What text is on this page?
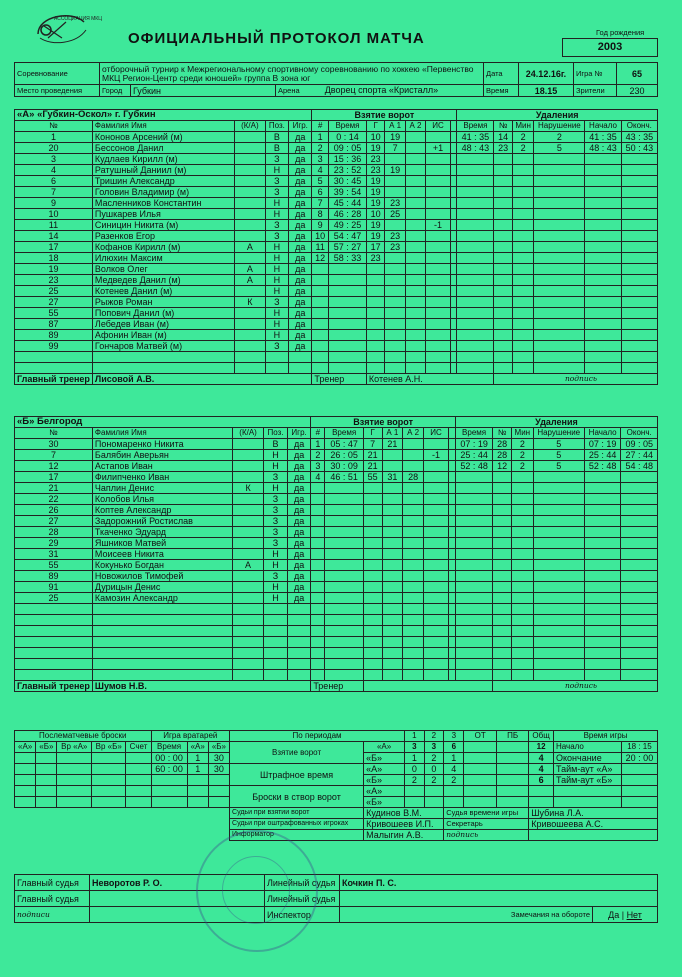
АССОЦИАЦИЯ МКЦ
ОФИЦИАЛЬНЫЙ ПРОТОКОЛ МАТЧА	Год рождения
2003
Соревнование	отборочный турнир к Межрегиональному спортивному соревнованию по хоккею «Первенство МКЦ Регион-Центр среди юношей» группа В зона юг			Дата	24.12.16г.	Игра №	65
Место проведения	Город	Губкин	Арена Дворец спорта «Кристалл»	Время	18.15	Зрители	230
«А» «Губкин-Оскол» г. Губкин					Взятие ворот							Удаления					
№	Фамилия Имя	(К/А)	Поз.	Игр.	#	Время	Г	А 1	А 2	ИС		Время	№	Мин	Нарушение	Начало	Оконч.
1	Кононов Арсений (м)		В	да	1	0 : 14	10	19				41 : 35	14	2	2	41 : 35	43 : 35
20	Бессонов Данил		В	да	2	09 : 05	19	7		+1		48 : 43	23	2	5	48 : 43	50 : 43
3	Кудлаев Кирилл (м)		З	да	3	15 : 36	23										
4	Ратушный Даниил (м)		Н	да	4	23 : 52	23	19									
6	Тришин Александр		З	да	5	30 : 45	19										
7	Головин Владимир (м)		З	да	6	39 : 54	19										
9	Масленников Константин		Н	да	7	45 : 44	19	23									
10	Пушкарев Илья		Н	да	8	46 : 28	10	25									
11	Синицин Никита (м)		З	да	9	49 : 25	19			-1							
14	Разенков Егор		З	да	10	54 : 47	19	23									
17	Кофанов Кирилл (м)	А	Н	да	11	57 : 27	17	23									
18	Илюхин Максим		Н	да	12	58 : 33	23										
19	Волков Олег	А	Н	да													
23	Медведев Данил (м)	А	Н	да													
25	Котенев Данил (м)		Н	да													
27	Рыжов Роман	К	З	да													
55	Попович Данил (м)		Н	да													
87	Лебедев Иван (м)		Н	да													
89	Афонин Иван (м)		Н	да													
99	Гончаров Матвей (м)		З	да													

Главный тренер	Лисовой А.В.				Тренер		Котенев А.Н.						подпись				
«Б» Белгород					Взятие ворот							Удаления					
№	Фамилия Имя	(К/А)	Поз.	Игр.	#	Время	Г	А 1	А 2	ИС		Время	№	Мин	Нарушение	Начало	Оконч.
30	Пономаренко Никита		В	да	1	05 : 47	7	21				07 : 19	28	2	5	07 : 19	09 : 05
7	Балябин Аверьян		Н	да	2	26 : 05	21			-1		25 : 44	28	2	5	25 : 44	27 : 44
12	Астапов Иван		Н	да	3	30 : 09	21					52 : 48	12	2	5	52 : 48	54 : 48
17	Филипченко Иван		З	да	4	46 : 51	55	31	28								
21	Чаплин Денис	К	Н	да													
22	Колобов Илья		З	да													
26	Коптев Александр		З	да													
27	Задорожний Ростислав		З	да													
28	Ткаченко Эдуард		З	да													
29	Яшников Матвей		З	да													
31	Моисеев Никита		Н	да													
55	Кокунько Богдан	А	Н	да													
89	Новожилов Тимофей		З	да													
91	Дурицын Денис		Н	да													
25	Камозин Александр		Н	да													

Главный тренер	Шумов Н.В.				Тренер								подпись				
Послематчевые броски					Игра вратарей			По периодам		1	2	3	ОТ	ПБ	Общ	Время игры	
«А»	«Б»	Вр «А»	Вр «Б»	Счет	Время	«А»	«Б»	Взятие ворот	«А»	3	3	6			12	Начало	18 : 15
					00 : 00	1	30		«Б»	1	2	1			4	Окончание	20 : 00
					60 : 00	1	30	Штрафное время	«А»	0	0	4			4	Тайм-аут «А»	
									«Б»	2	2	2			6	Тайм-аут «Б»	
								Броски в створ ворот	«А»								
									«Б»								
								Судьи при взятии ворот	Кудинов В.М.			Судья времени игры			Шубина Л.А.		
								Судьи при оштрафованных игроках	Кривошеев И.П.			Секретарь			Кривошеева А.С.		
								Информатор	Малыгин А.В.			подпись					
Главный судья	Неворотов Р. О.	Линейный судья	Кочкин П. С.	
Главный судья		Линейный судья		
подписи		Инспектор	Замечания на обороте	Да | Нет
